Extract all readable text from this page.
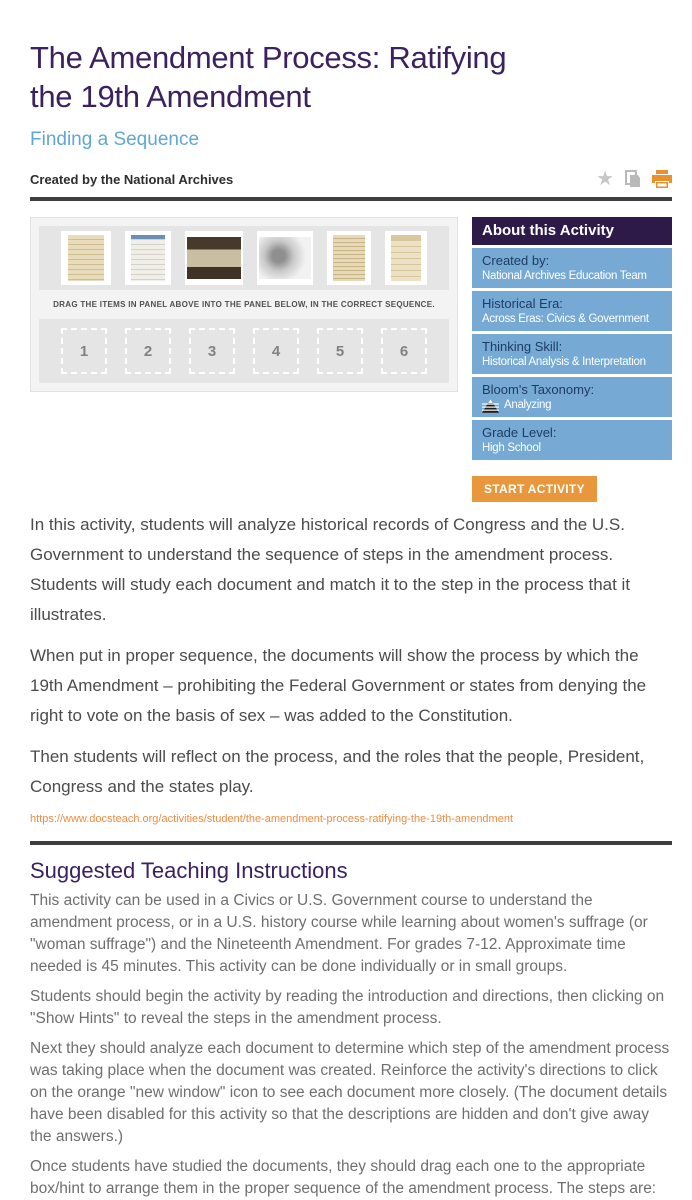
The Amendment Process: Ratifying
the 19th Amendment
Finding a Sequence
Created by the National Archives	★
DRAG THE ITEMS IN PANEL ABOVE INTO THE PANEL BELOW, IN THE CORRECT SEQUENCE.
1	2	3	4	5	6
About this Activity
Created by:
National Archives Education Team
Historical Era:
Across Eras: Civics & Government
Thinking Skill:
Historical Analysis & Interpretation
Bloom's Taxonomy:
Analyzing
Grade Level:
High School
START ACTIVITY

In this activity, students will analyze historical records of Congress and the U.S. Government to understand the sequence of steps in the amendment process. Students will study each document and match it to the step in the process that it illustrates.

When put in proper sequence, the documents will show the process by which the 19th Amendment – prohibiting the Federal Government or states from denying the right to vote on the basis of sex – was added to the Constitution.

Then students will reflect on the process, and the roles that the people, President, Congress and the states play.

https://www.docsteach.org/activities/student/the-amendment-process-ratifying-the-19th-amendment
Suggested Teaching Instructions

This activity can be used in a Civics or U.S. Government course to understand the amendment process, or in a U.S. history course while learning about women's suffrage (or "woman suffrage") and the Nineteenth Amendment. For grades 7-12. Approximate time needed is 45 minutes. This activity can be done individually or in small groups.

Students should begin the activity by reading the introduction and directions, then clicking on "Show Hints" to reveal the steps in the amendment process.

Next they should analyze each document to determine which step of the amendment process was taking place when the document was created. Reinforce the activity's directions to click on the orange "new window" icon to see each document more closely. (The document details have been disabled for this activity so that the descriptions are hidden and don't give away the answers.)

Once students have studied the documents, they should drag each one to the appropriate box/hint to arrange them in the proper sequence of the amendment process. The steps are:
